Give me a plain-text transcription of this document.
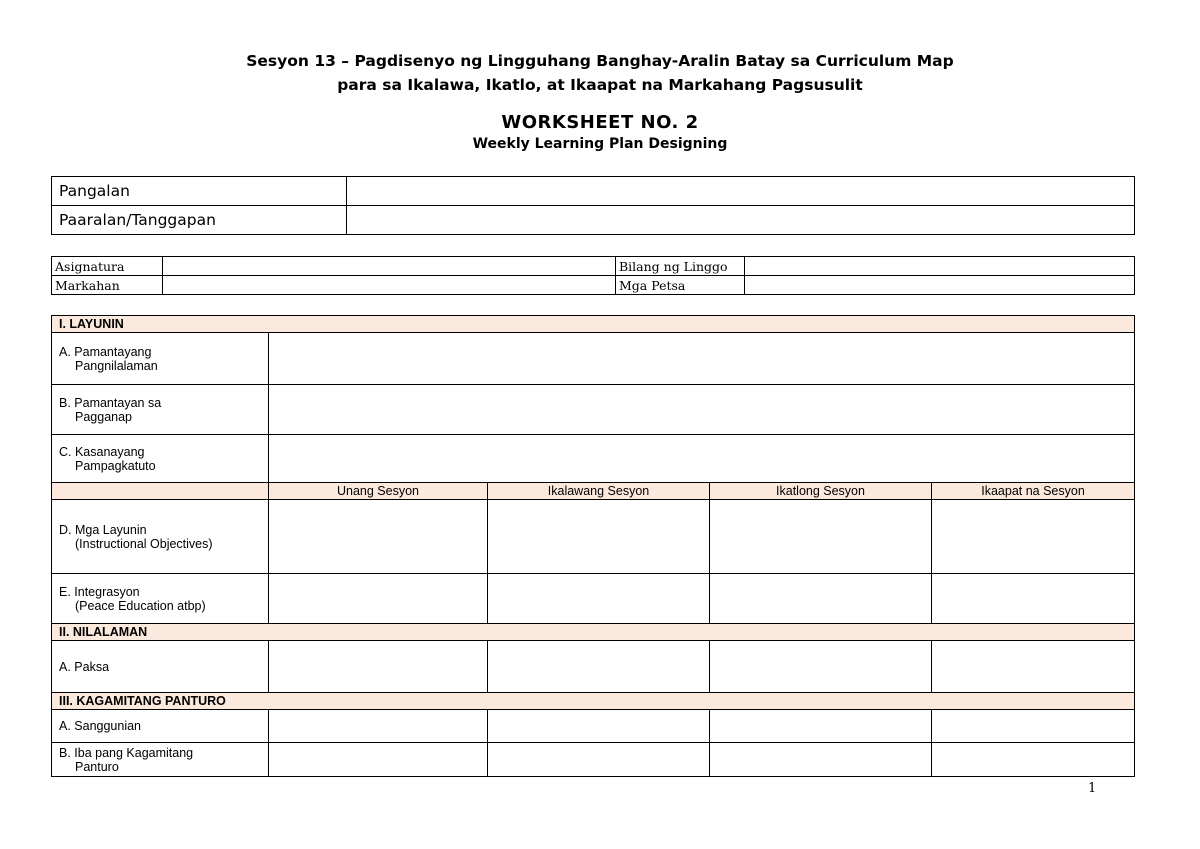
Sesyon 13 – Pagdisenyo ng Lingguhang Banghay-Aralin Batay sa Curriculum Map
para sa Ikalawa, Ikatlo, at Ikaapat na Markahang Pagsusulit
WORKSHEET NO. 2
Weekly Learning Plan Designing
Pangalan	
Paaralan/Tanggapan	
Asignatura		Bilang ng Linggo	
Markahan		Mga Petsa	
I. LAYUNIN				
A. Pamantayang
Pangnilalaman				

B. Pamantayan sa
Pagganap				

C. Kasanayang
Pampagkatuto				

	Unang Sesyon	Ikalawang Sesyon	Ikatlong Sesyon	Ikaapat na Sesyon
D. Mga Layunin
(Instructional Objectives)				

E. Integrasyon
(Peace Education atbp)				

II. NILALAMAN				
A. Paksa				
III. KAGAMITANG PANTURO				
A. Sanggunian				
B. Iba pang Kagamitang
Panturo				

1
